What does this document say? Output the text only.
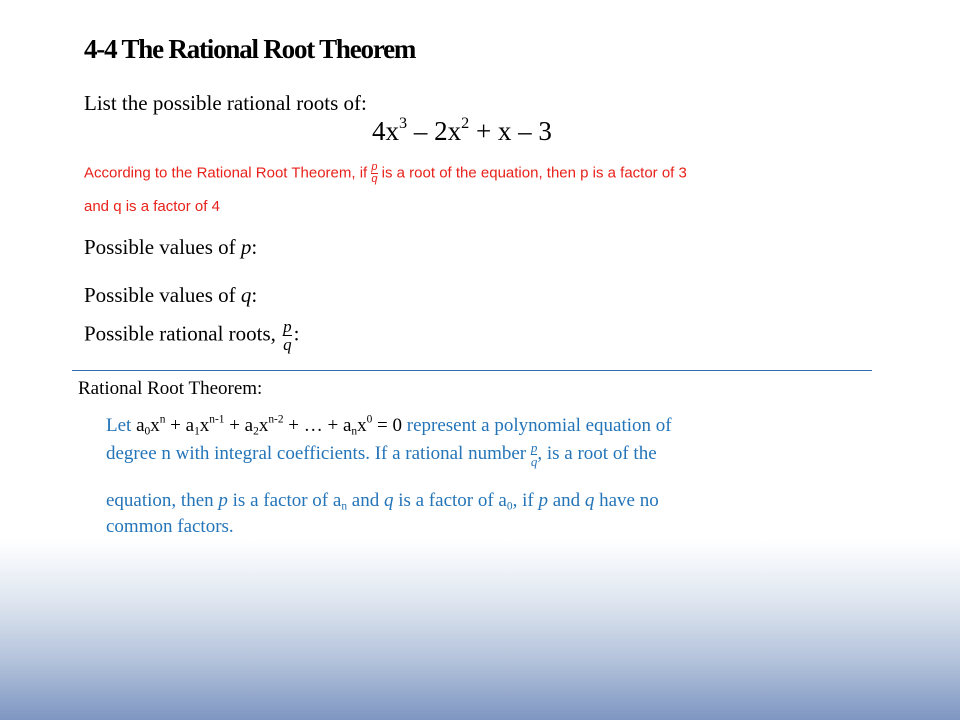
4-4 The Rational Root Theorem
List the possible rational roots of:
$4x^3 - 2x^2 + x - 3$
According to the Rational Root Theorem, if $\frac{p}{q}$ is a root of the equation, then p is a factor of 3
and q is a factor of 4
Possible values of p:
Possible values of q:
Possible rational roots, $\frac{p}{q}$ :
Rational Root Theorem:
Let $a_0x^n + a_1x^{n-1} + a_2x^{n-2}$ + … + $a_nx^0 = 0$ represent a polynomial equation of
degree n with integral coefficients. If a rational number $\frac{p}{q}$ , is a root of the
equation, then p is a factor of $a_n$ and q is a factor of $a_0$, if p and q have no
common factors.
